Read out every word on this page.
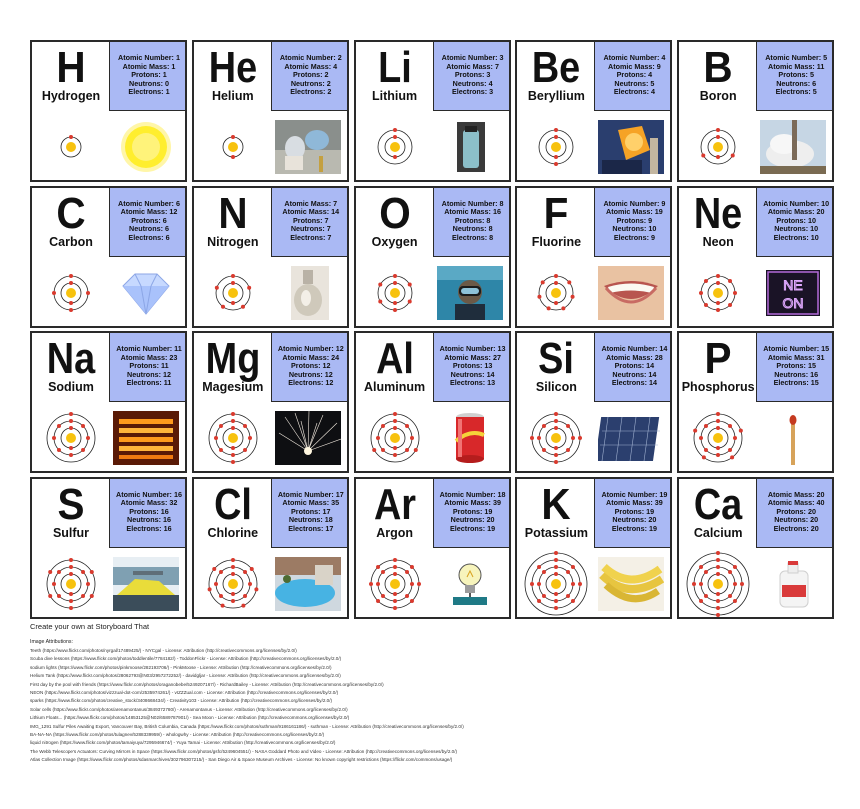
H
Hydrogen
Atomic Number: 1
Atomic Mass: 1
Protons: 1
Neutrons: 0
Electrons: 1 He
Helium
Atomic Number: 2
Atomic Mass: 4
Protons: 2
Neutrons: 2
Electrons: 2	Li
Lithium
Atomic Number: 3
Atomic Mass: 7
Protons: 3
Neutrons: 4
Electrons: 3 Be
Beryllium
Atomic Number: 4
Atomic Mass: 9
Protons: 4
Neutrons: 5
Electrons: 4	B
Boron
Atomic Number: 5
Atomic Mass: 11
Protons: 5
Neutrons: 6
Electrons: 5
C
Carbon
Atomic Number: 6
Atomic Mass: 12
Protons: 6
Neutrons: 6
Electrons: 6	N
Nitrogen
Atomic Mass: 7
Atomic Mass: 14
Protons: 7
Neutrons: 7
Electrons: 7	O
Oxygen
Atomic Number: 8
Atomic Mass: 16
Protons: 8
Neutrons: 8
Electrons: 8	F
Fluorine
Atomic Number: 9
Atomic Mass: 19
Protons: 9
Neutrons: 10
Electrons: 9 Ne
Neon
Atomic Number: 10
Atomic Mass: 20
Protons: 10
Neutrons: 10
Electrons: 10
NE
ON
Na
Sodium
Atomic Number: 11
Atomic Mass: 23
Protons: 11
Neutrons: 12
Electrons: 11 Mg
Magesium
Atomic Number: 12
Atomic Mass: 24
Protons: 12
Neutrons: 12
Electrons: 12 Al
Aluminum
Atomic Number: 13
Atomic Mass: 27
Protons: 13
Neutrons: 14
Electrons: 13 Si
Silicon
Atomic Number: 14
Atomic Mass: 28
Protons: 14
Neutrons: 14
Electrons: 14	P
Phosphorus
Atomic Number: 15
Atomic Mass: 31
Protons: 15
Neutrons: 16
Electrons: 15
S
Sulfur
Atomic Number: 16
Atomic Mass: 32
Protons: 16
Neutrons: 16
Electrons: 16 Cl
Chlorine
Atomic Number: 17
Atomic Mass: 35
Protons: 17
Neutrons: 18
Electrons: 17 Ar
Argon
Atomic Number: 18
Atomic Mass: 39
Protons: 19
Neutrons: 20
Electrons: 19	K
Potassium
Atomic Number: 19
Atomic Mass: 39
Protons: 19
Neutrons: 20
Electrons: 19 Ca
Calcium
Atomic Mass: 20
Atomic Mass: 40
Protons: 20
Neutrons: 20
Electrons: 20
Create your own at Storyboard That
Image Attributions:
Teeth (https://www.flickr.com/photos/nyrgal/17489425/) - NYCgal - License: Attribution (http://creativecommons.org/licenses/by/2.0/)
Scuba dive lessons (https://www.flickr.com/photos/toddlentile/7784182/) - ToddonFlickr - License: Attribution (http://creativecommons.org/licenses/by/2.0/)
sodium lights (https://www.flickr.com/photos/pinkmoose/282193706/) - PinkMoose - License: Attribution (http://creativecommons.org/licenses/by/2.0/)
Helium Tank (https://www.flickr.com/photos/28062793@N03/2957272252/) - davidgljar - License: Attribution (http://creativecommons.org/licenses/by/2.0/)
First day by the pool with friends (https://www.flickr.com/photos/oraganobebe/5249207167/) - RichardBailey - License: Attribution (http://creativecommons.org/licenses/by/2.0/)
NEON (https://www.flickr.com/photos/vizzzual-dot-com/2535974261/) - vIZZZual.com - License: Attribution (http://creativecommons.org/licenses/by/2.0/)
sparks (https://www.flickr.com/photos/creative_stock/3408668434/) - Creativity103 - License: Attribution (http://creativecommons.org/licenses/by/2.0/)
Solar cells (https://www.flickr.com/photos/arenamontanus/3849372780/) - Arenamontanus - License: Attribution (http://creativecommons.org/licenses/by/2.0/)
Lithium Floats... (https://www.flickr.com/photos/14853125@N02/6589787901/) - Sea Moon - License: Attribution (http://creativecommons.org/licenses/by/2.0/)
IMG_1291 Sulfur Piles Awaiting Export, Vancouver Bay, British Columbia, Canada (https://www.flickr.com/photos/suthman/9186161186/) - suthman - License: Attribution (http://creativecommons.org/licenses/by/2.0/)
BA-NA-NA (https://www.flickr.com/photos/tulagnev/5288339959/) - whologwhy - License: Attribution (http://creativecommons.org/licenses/by/2.0/)
liquid nitrogen (https://www.flickr.com/photos/tamaiyuya/7295946674/) - Yuya Tamai - License: Attribution (http://creativecommons.org/licenses/by/2.0/)
The Webb Telescope's Actuators: Curving Mirrors in Space (https://www.flickr.com/photos/gsfc/5249604551/) - NASA Goddard Photo and Video - License: Attribution (http://creativecommons.org/licenses/by/2.0/)
Atlas Collection Image (https://www.flickr.com/photos/sdasmarchives/302796307215/) - San Diego Air & Space Museum Archives - License: No known copyright restrictions (https://flickr.com/commons/usage/)
